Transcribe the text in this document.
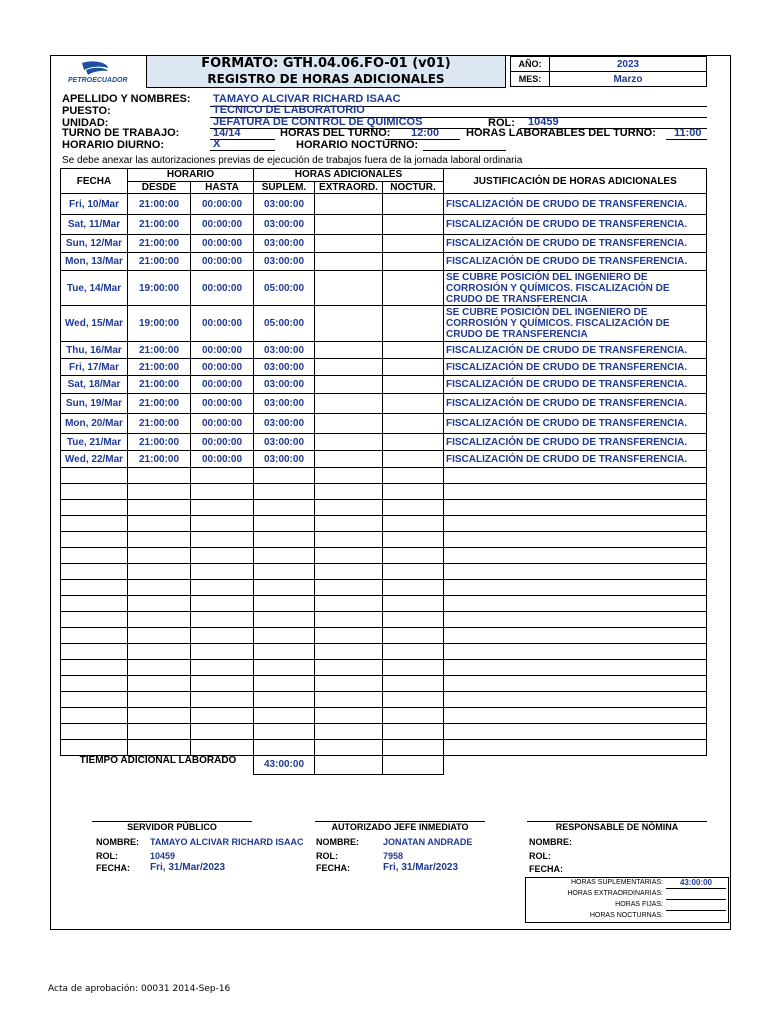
PETROECUADOR
FORMATO: GTH.04.06.FO-01 (v01)
REGISTRO DE HORAS ADICIONALES
AÑO:	2023
MES:	Marzo
APELLIDO Y NOMBRES: TAMAYO ALCIVAR RICHARD ISAAC
PUESTO:	TECNICO DE LABORATORIO
UNIDAD:	JEFATURA DE CONTROL DE QUIMICOS	ROL: 10459
TURNO DE TRABAJO:	14/14	HORAS DEL TURNO: 12:00 HORAS LABORABLES DEL TURNO: 11:00
HORARIO DIURNO:	X	HORARIO NOCTURNO:
Se debe anexar las autorizaciones previas de ejecución de trabajos fuera de la jornada laboral ordinaria
FECHA	HORARIO		HORAS ADICIONALES			JUSTIFICACIÓN DE HORAS ADICIONALES
	DESDE	HASTA	SUPLEM.	EXTRAORD.	NOCTUR.	
Fri, 10/Mar	21:00:00	00:00:00	03:00:00			FISCALIZACIÓN DE CRUDO DE TRANSFERENCIA.
Sat, 11/Mar	21:00:00	00:00:00	03:00:00			FISCALIZACIÓN DE CRUDO DE TRANSFERENCIA.
Sun, 12/Mar	21:00:00	00:00:00	03:00:00			FISCALIZACIÓN DE CRUDO DE TRANSFERENCIA.
Mon, 13/Mar	21:00:00	00:00:00	03:00:00			FISCALIZACIÓN DE CRUDO DE TRANSFERENCIA.
Tue, 14/Mar	19:00:00	00:00:00	05:00:00			SE CUBRE POSICIÓN DEL INGENIERO DE CORROSIÓN Y QUÍMICOS. FISCALIZACIÓN DE CRUDO DE TRANSFERENCIA
Wed, 15/Mar	19:00:00	00:00:00	05:00:00			SE CUBRE POSICIÓN DEL INGENIERO DE CORROSIÓN Y QUÍMICOS. FISCALIZACIÓN DE CRUDO DE TRANSFERENCIA
Thu, 16/Mar	21:00:00	00:00:00	03:00:00			FISCALIZACIÓN DE CRUDO DE TRANSFERENCIA.
Fri, 17/Mar	21:00:00	00:00:00	03:00:00			FISCALIZACIÓN DE CRUDO DE TRANSFERENCIA.
Sat, 18/Mar	21:00:00	00:00:00	03:00:00			FISCALIZACIÓN DE CRUDO DE TRANSFERENCIA.
Sun, 19/Mar	21:00:00	00:00:00	03:00:00			FISCALIZACIÓN DE CRUDO DE TRANSFERENCIA.
Mon, 20/Mar	21:00:00	00:00:00	03:00:00			FISCALIZACIÓN DE CRUDO DE TRANSFERENCIA.
Tue, 21/Mar	21:00:00	00:00:00	03:00:00			FISCALIZACIÓN DE CRUDO DE TRANSFERENCIA.
Wed, 22/Mar	21:00:00	00:00:00	03:00:00			FISCALIZACIÓN DE CRUDO DE TRANSFERENCIA.

			43:00:00			
TIEMPO ADICIONAL LABORADO
SERVIDOR PÚBLICO	AUTORIZADO JEFE INMEDIATO	RESPONSABLE DE NÓMINA
NOMBRE: TAMAYO ALCIVAR RICHARD ISAAC
ROL:	10459
FECHA: Fri, 31/Mar/2023
NOMBRE:	JONATAN ANDRADE
ROL:	7958
FECHA:	Fri, 31/Mar/2023
NOMBRE:
ROL:
FECHA:
HORAS SUPLEMENTARIAS:	43:00:00
HORAS EXTRAORDINARIAS:
HORAS FIJAS:
HORAS NOCTURNAS:
Acta de aprobación: 00031 2014-Sep-16
